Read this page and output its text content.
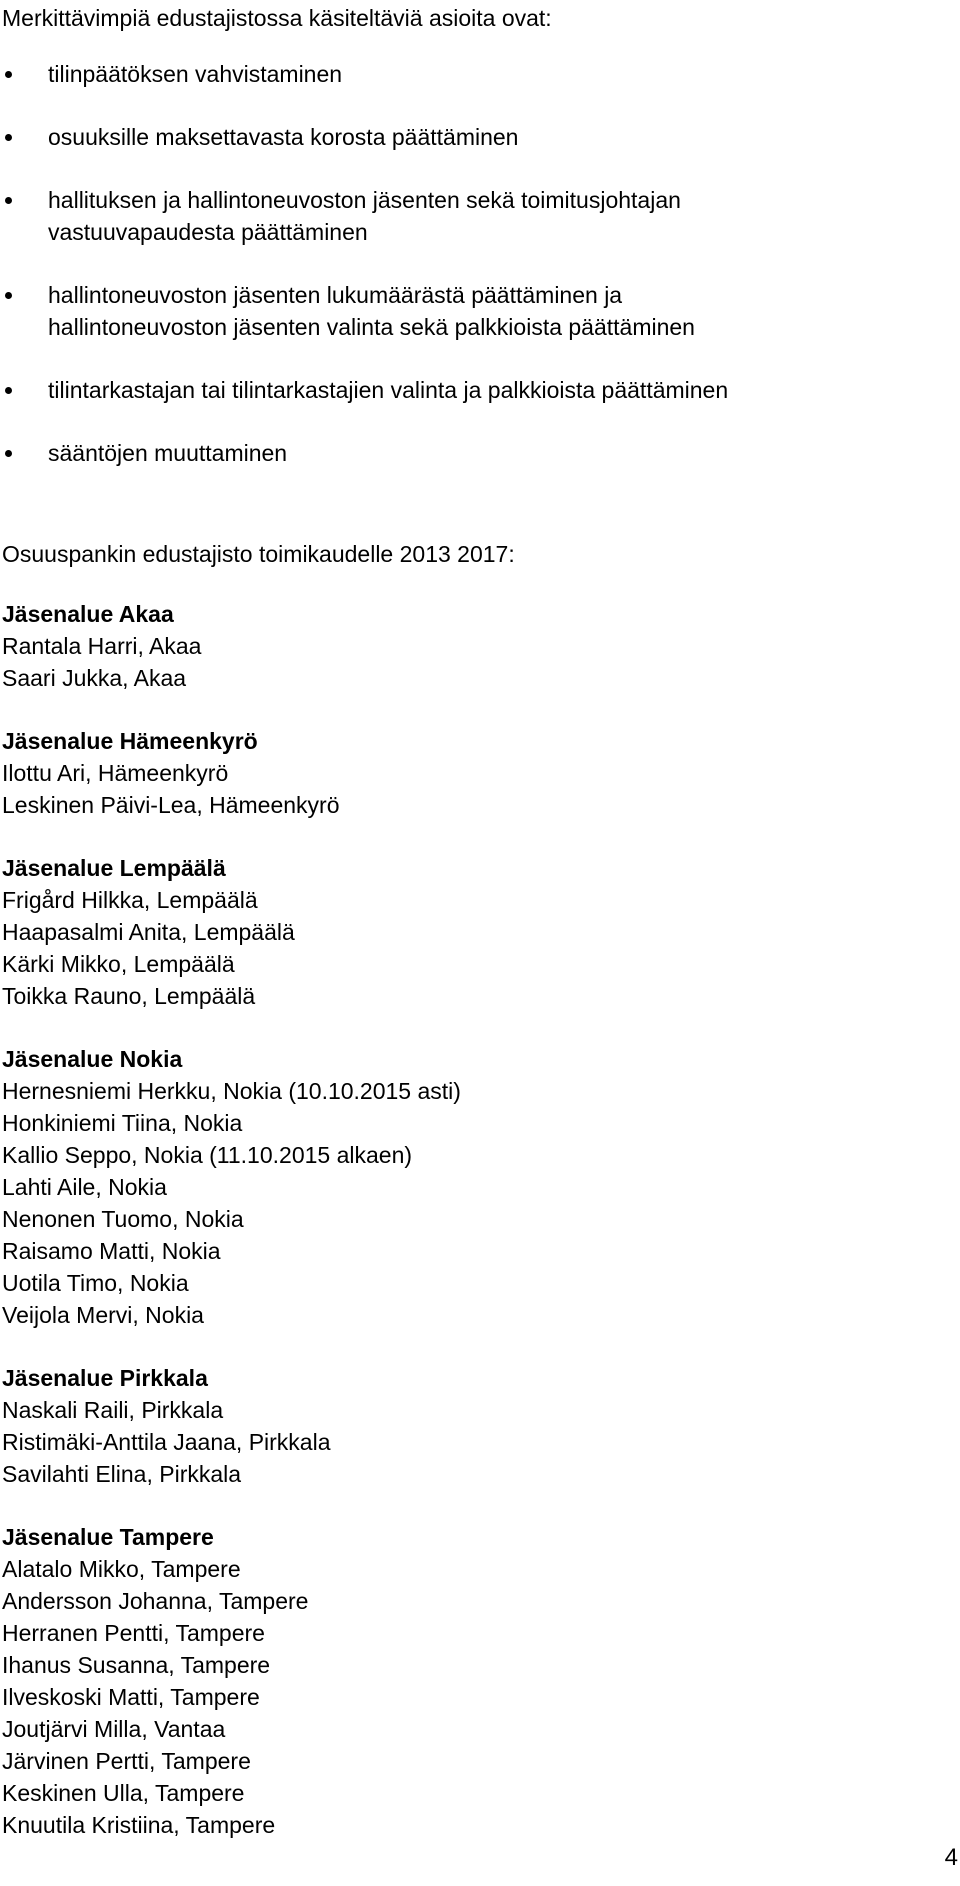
Merkittävimpiä edustajistossa käsiteltäviä asioita ovat:

tilinpäätöksen vahvistaminen
osuuksille maksettavasta korosta päättäminen
hallituksen ja hallintoneuvoston jäsenten sekä toimitusjohtajan
vastuuvapaudesta päättäminen
hallintoneuvoston jäsenten lukumäärästä päättäminen ja
hallintoneuvoston jäsenten valinta sekä palkkioista päättäminen
tilintarkastajan tai tilintarkastajien valinta ja palkkioista päättäminen
sääntöjen muuttaminen

Osuuspankin edustajisto toimikaudelle 2013 2017:

Jäsenalue Akaa
Rantala Harri, Akaa
Saari Jukka, Akaa
Jäsenalue Hämeenkyrö
Ilottu Ari, Hämeenkyrö
Leskinen Päivi-Lea, Hämeenkyrö
Jäsenalue Lempäälä
Frigård Hilkka, Lempäälä
Haapasalmi Anita, Lempäälä
Kärki Mikko, Lempäälä
Toikka Rauno, Lempäälä
Jäsenalue Nokia
Hernesniemi Herkku, Nokia (10.10.2015 asti)
Honkiniemi Tiina, Nokia
Kallio Seppo, Nokia (11.10.2015 alkaen)
Lahti Aile, Nokia
Nenonen Tuomo, Nokia
Raisamo Matti, Nokia
Uotila Timo, Nokia
Veijola Mervi, Nokia
Jäsenalue Pirkkala
Naskali Raili, Pirkkala
Ristimäki-Anttila Jaana, Pirkkala
Savilahti Elina, Pirkkala
Jäsenalue Tampere
Alatalo Mikko, Tampere
Andersson Johanna, Tampere
Herranen Pentti, Tampere
Ihanus Susanna, Tampere
Ilveskoski Matti, Tampere
Joutjärvi Milla, Vantaa
Järvinen Pertti, Tampere
Keskinen Ulla, Tampere
Knuutila Kristiina, Tampere
4
